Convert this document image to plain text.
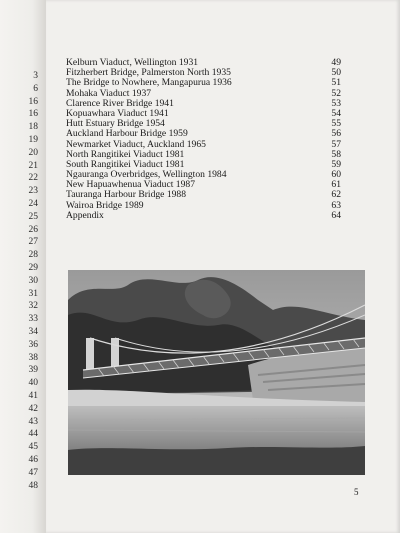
3
6
16
16
18
19
20
21
22
23
24
25
26
27
28
29
30
31
32
33
34
36
38
39
40
41
42
43
44
45
46
47
48
Kelburn Viaduct, Wellington 1931	49
Fitzherbert Bridge, Palmerston North 1935	50
The Bridge to Nowhere, Mangapurua 1936	51
Mohaka Viaduct 1937	52
Clarence River Bridge 1941	53
Kopuawhara Viaduct 1941	54
Hutt Estuary Bridge 1954	55
Auckland Harbour Bridge 1959	56
Newmarket Viaduct, Auckland 1965	57
North Rangitikei Viaduct 1981	58
South Rangitikei Viaduct 1981	59
Ngauranga Overbridges, Wellington 1984	60
New Hapuawhenua Viaduct 1987	61
Tauranga Harbour Bridge 1988	62
Wairoa Bridge 1989	63
Appendix	64
5
